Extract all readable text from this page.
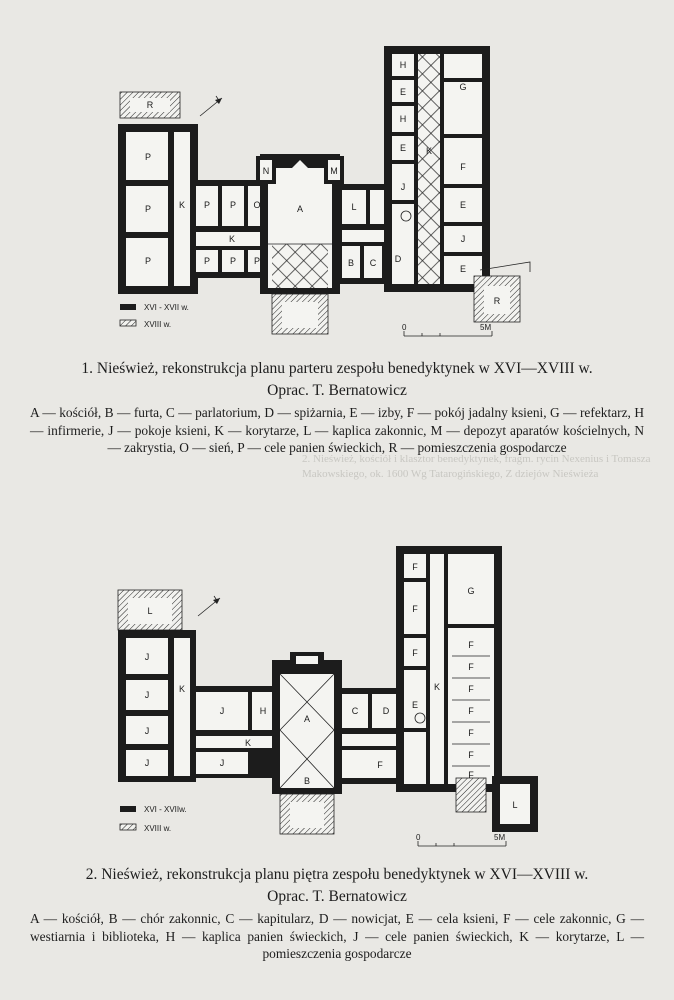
R
P
P
P
K P P O
N	M
A	L	J
K
P P P	B C D
H
E
H
E K
G
J
F
E
E
R
J
XVI - XVII w.
XVIII w.	0	5M
1. Nieśwież, rekonstrukcja planu parteru zespołu benedyktynek w XVI—XVIII w.
Oprac. T. Bernatowicz
A — kościół, B — furta, C — parlatorium, D — spiżarnia, E — izby, F — pokój jadalny ksieni, G — refektarz, H — infirmerie, J — pokoje ksieni, K — korytarze, L — kaplica zakonnic, M — depozyt aparatów kościelnych, N — zakrystia, O — sień, P — cele panien świeckich, R — pomieszczenia gospodarcze
2. Nieśwież, kościół i klasztor benedyktynek, fragm. rycin Nexenius i Tomasza
Makowskiego, ok. 1600 Wg Tatarogińskiego, Z dziejów Nieświeża
L
J
J
J
J
K
J	H
A
C	D
K
J
B
E
K
F
F
F
F
G
F
F
F
F
F
F
K
F
F
L
XVI - XVIIw.
XVIII w.
0	5M
2. Nieśwież, rekonstrukcja planu piętra zespołu benedyktynek w XVI—XVIII w.
Oprac. T. Bernatowicz
A — kościół, B — chór zakonnic, C — kapitularz, D — nowicjat, E — cela ksieni, F — cele zakonnic, G — westiarnia i biblioteka, H — kaplica panien świeckich, J — cele panien świeckich, K — korytarze, L — pomieszczenia gospodarcze
